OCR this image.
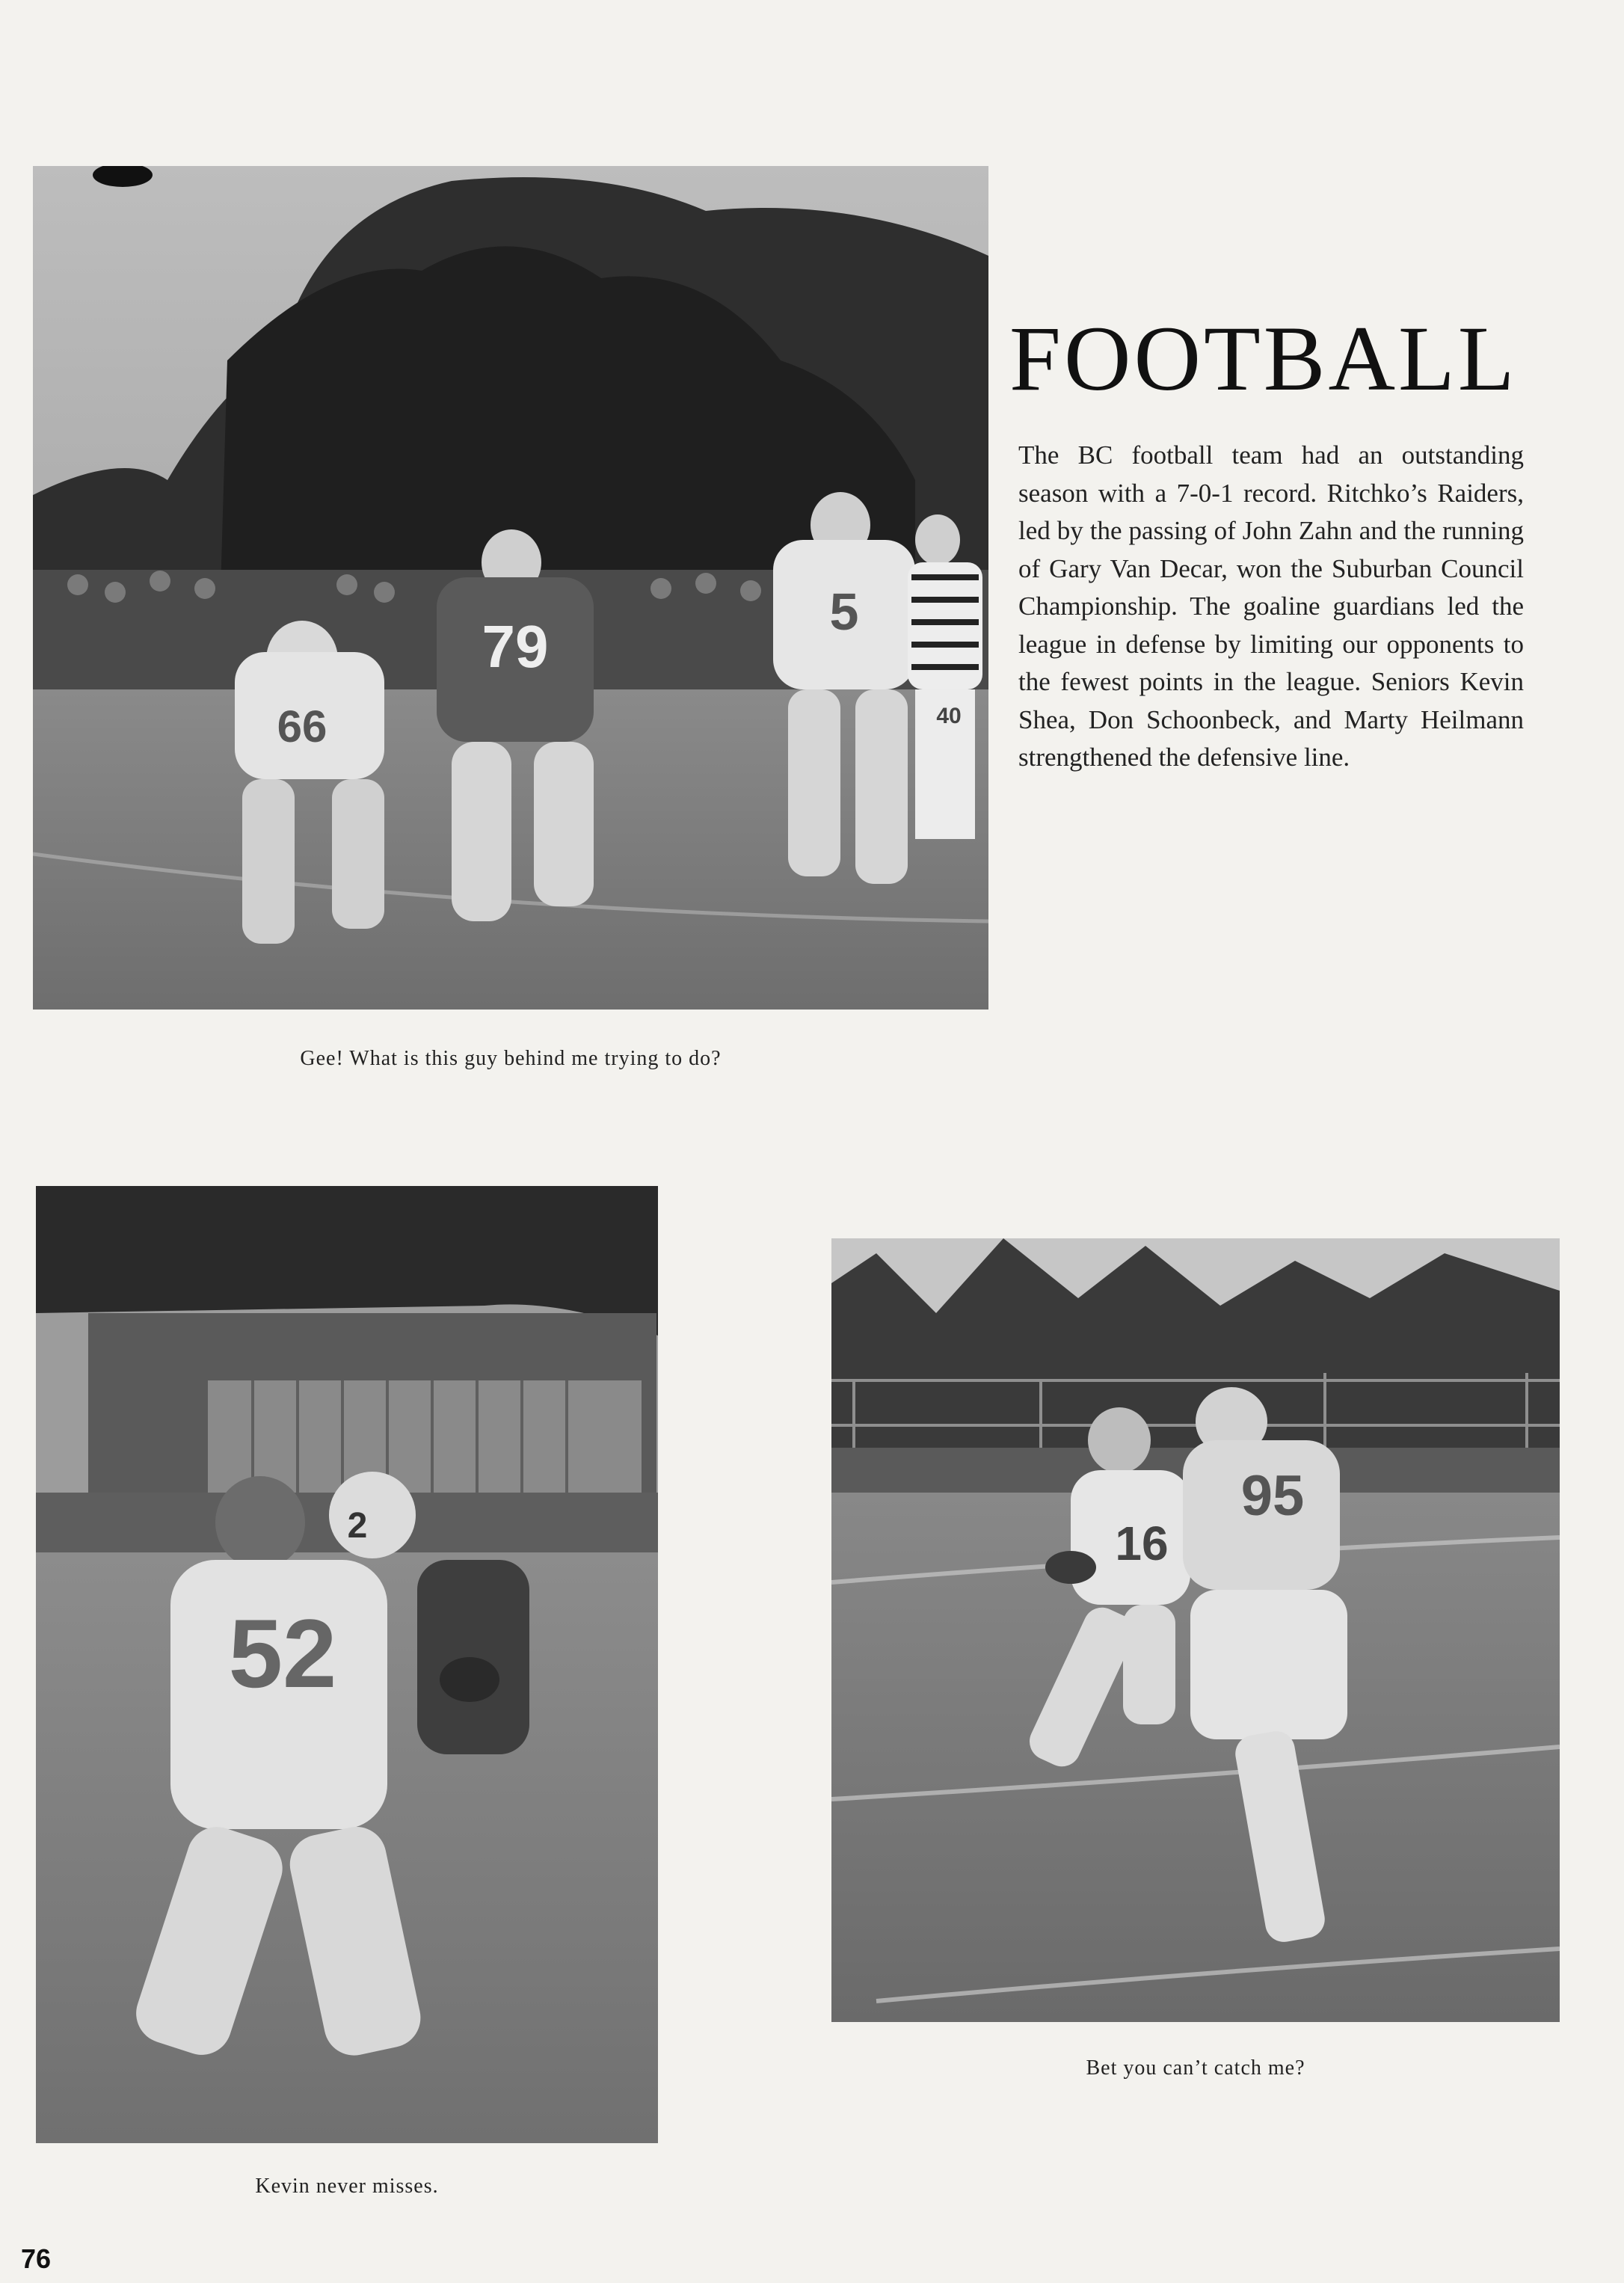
66
79
5
40
Gee! What is this guy behind me trying to do?
FOOTBALL

The BC football team had an outstanding season with a 7-0-1 record. Ritchko’s Raiders, led by the passing of John Zahn and the running of Gary Van Decar, won the Suburban Council Championship. The goaline guardians led the league in defense by limiting our opponents to the fewest points in the league. Seniors Kevin Shea, Don Schoonbeck, and Marty Heilmann strengthened the defensive line.

52
2
Kevin never misses.
16
95
Bet you can’t catch me?
76
